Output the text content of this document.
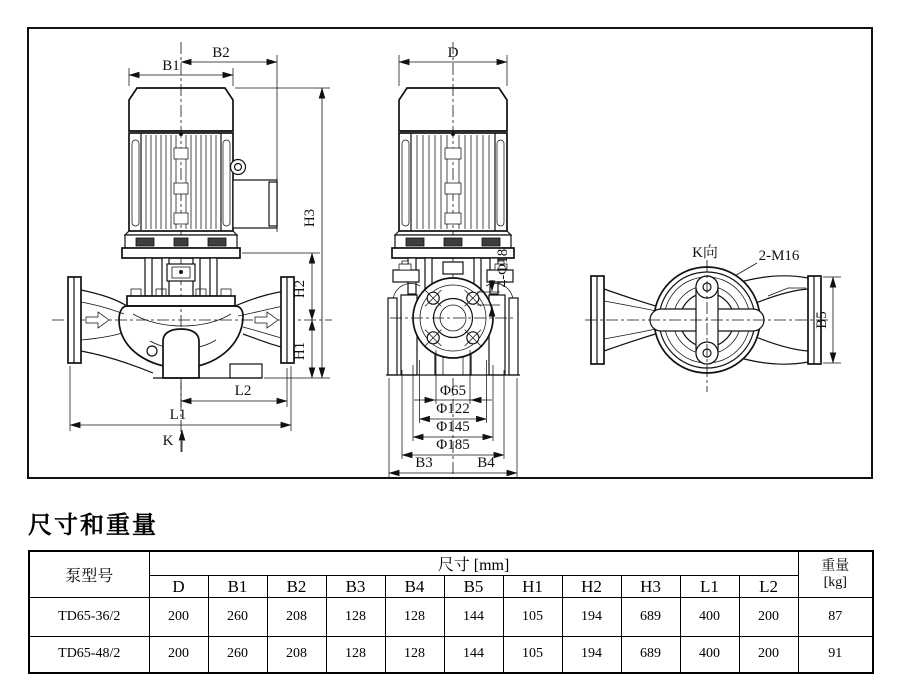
B2
B1
H3
H2
H1
L2
L1
K
4-Φ18
Φ65
Φ122
Φ145
Φ185
B3	B4
D
K向	2-M16
B5
尺寸和重量
泵型号	尺寸 [mm]											重量
[kg]

	D	B1	B2	B3	B4	B5	H1	H2	H3	L1	L2	
TD65-36/2	200	260	208	128	128	144	105	194	689	400	200	87
TD65-48/2	200	260	208	128	128	144	105	194	689	400	200	91
